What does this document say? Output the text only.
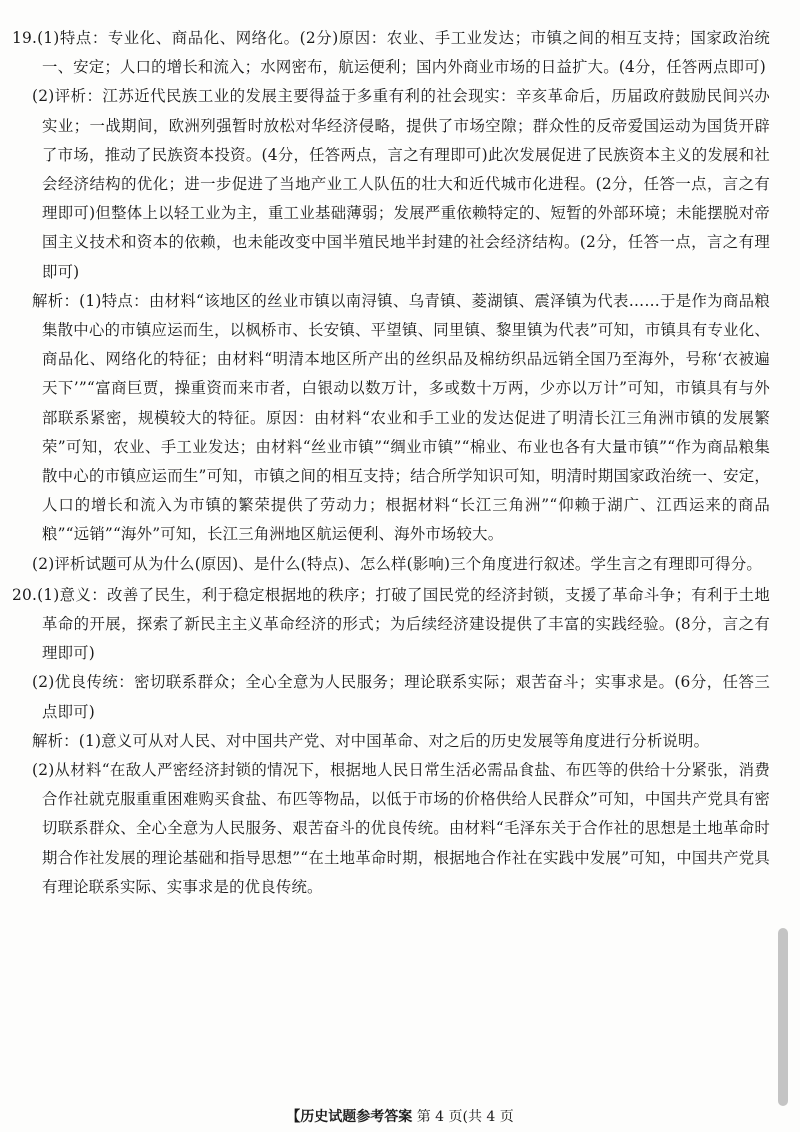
19.(1)特点：专业化、商品化、网络化。(2分)原因：农业、手工业发达；市镇之间的相互支持；国家政治统一、安定；人口的增长和流入；水网密布，航运便利；国内外商业市场的日益扩大。(4分，任答两点即可)

(2)评析：江苏近代民族工业的发展主要得益于多重有利的社会现实：辛亥革命后，历届政府鼓励民间兴办实业；一战期间，欧洲列强暂时放松对华经济侵略，提供了市场空隙；群众性的反帝爱国运动为国货开辟了市场，推动了民族资本投资。(4分，任答两点，言之有理即可)此次发展促进了民族资本主义的发展和社会经济结构的优化；进一步促进了当地产业工人队伍的壮大和近代城市化进程。(2分，任答一点，言之有理即可)但整体上以轻工业为主，重工业基础薄弱；发展严重依赖特定的、短暂的外部环境；未能摆脱对帝国主义技术和资本的依赖，也未能改变中国半殖民地半封建的社会经济结构。(2分，任答一点，言之有理即可)

解析：(1)特点：由材料“该地区的丝业市镇以南浔镇、乌青镇、菱湖镇、震泽镇为代表……于是作为商品粮集散中心的市镇应运而生，以枫桥市、长安镇、平望镇、同里镇、黎里镇为代表”可知，市镇具有专业化、商品化、网络化的特征；由材料“明清本地区所产出的丝织品及棉纺织品远销全国乃至海外，号称‘衣被遍天下’”“富商巨贾，操重资而来市者，白银动以数万计，多或数十万两，少亦以万计”可知，市镇具有与外部联系紧密，规模较大的特征。原因：由材料“农业和手工业的发达促进了明清长江三角洲市镇的发展繁荣”可知，农业、手工业发达；由材料“丝业市镇”“绸业市镇”“棉业、布业也各有大量市镇”“作为商品粮集散中心的市镇应运而生”可知，市镇之间的相互支持；结合所学知识可知，明清时期国家政治统一、安定，人口的增长和流入为市镇的繁荣提供了劳动力；根据材料“长江三角洲”“仰赖于湖广、江西运来的商品粮”“远销”“海外”可知，长江三角洲地区航运便利、海外市场较大。

(2)评析试题可从为什么(原因)、是什么(特点)、怎么样(影响)三个角度进行叙述。学生言之有理即可得分。

20.(1)意义：改善了民生，利于稳定根据地的秩序；打破了国民党的经济封锁，支援了革命斗争；有利于土地革命的开展，探索了新民主主义革命经济的形式；为后续经济建设提供了丰富的实践经验。(8分，言之有理即可)

(2)优良传统：密切联系群众；全心全意为人民服务；理论联系实际；艰苦奋斗；实事求是。(6分，任答三点即可)

解析：(1)意义可从对人民、对中国共产党、对中国革命、对之后的历史发展等角度进行分析说明。

(2)从材料“在敌人严密经济封锁的情况下，根据地人民日常生活必需品食盐、布匹等的供给十分紧张，消费合作社就克服重重困难购买食盐、布匹等物品，以低于市场的价格供给人民群众”可知，中国共产党具有密切联系群众、全心全意为人民服务、艰苦奋斗的优良传统。由材料“毛泽东关于合作社的思想是土地革命时期合作社发展的理论基础和指导思想”“在土地革命时期，根据地合作社在实践中发展”可知，中国共产党具有理论联系实际、实事求是的优良传统。

【历史试题参考答案 第 4 页(共 4 页
